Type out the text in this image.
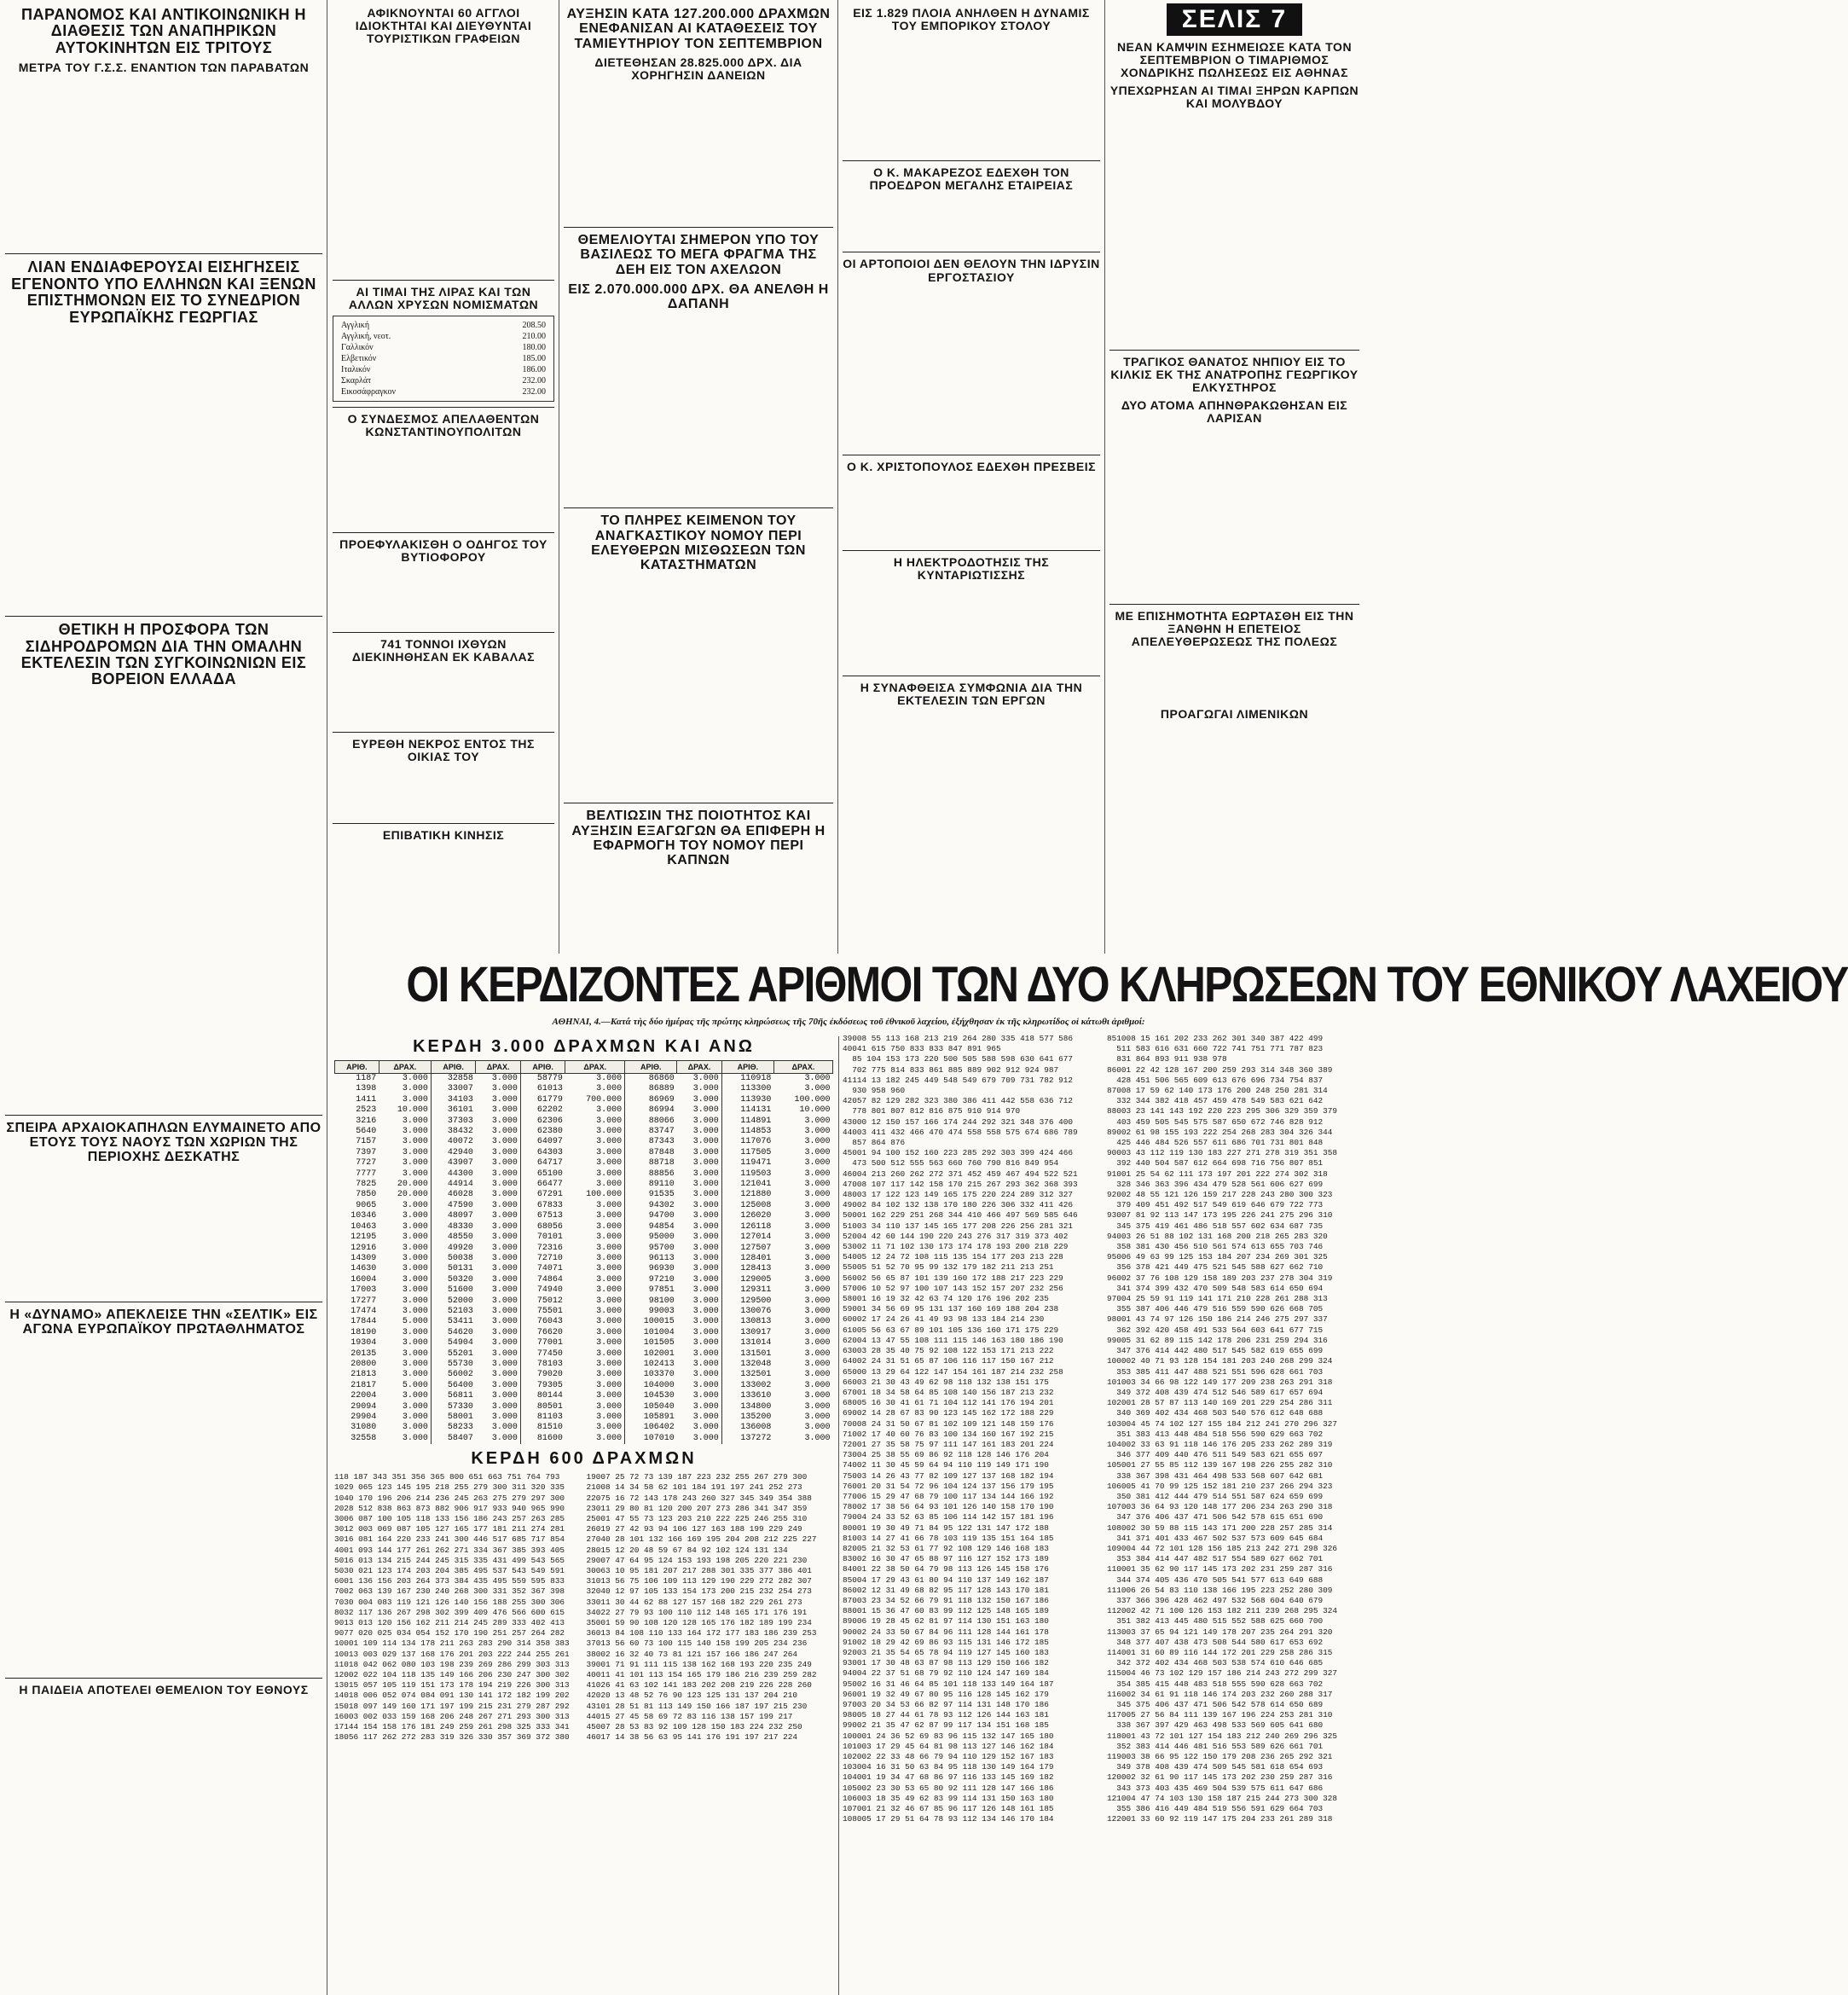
ΠΑΡΑΝΟΜΟΣ ΚΑΙ ΑΝΤΙΚΟΙΝΩΝΙΚΗ Η ΔΙΑΘΕΣΙΣ ΤΩΝ ΑΝΑΠΗΡΙΚΩΝ ΑΥΤΟΚΙΝΗΤΩΝ ΕΙΣ ΤΡΙΤΟΥΣ
ΜΕΤΡΑ ΤΟΥ Γ.Σ.Σ. ΕΝΑΝΤΙΟΝ ΤΩΝ ΠΑΡΑΒΑΤΩΝ

ΛΙΑΝ ΕΝΔΙΑΦΕΡΟΥΣΑΙ ΕΙΣΗΓΗΣΕΙΣ ΕΓΕΝΟΝΤΟ ΥΠΟ ΕΛΛΗΝΩΝ ΚΑΙ ΞΕΝΩΝ ΕΠΙΣΤΗΜΟΝΩΝ ΕΙΣ ΤΟ ΣΥΝΕΔΡΙΟΝ ΕΥΡΩΠΑΪΚΗΣ ΓΕΩΡΓΙΑΣ

ΘΕΤΙΚΗ Η ΠΡΟΣΦΟΡΑ ΤΩΝ ΣΙΔΗΡΟΔΡΟΜΩΝ ΔΙΑ ΤΗΝ ΟΜΑΛΗΝ ΕΚΤΕΛΕΣΙΝ ΤΩΝ ΣΥΓΚΟΙΝΩΝΙΩΝ ΕΙΣ ΒΟΡΕΙΟΝ ΕΛΛΑΔΑ

ΣΠΕΙΡΑ ΑΡΧΑΙΟΚΑΠΗΛΩΝ ΕΛΥΜΑΙΝΕΤΟ ΑΠΟ ΕΤΟΥΣ ΤΟΥΣ ΝΑΟΥΣ ΤΩΝ ΧΩΡΙΩΝ ΤΗΣ ΠΕΡΙΟΧΗΣ ΔΕΣΚΑΤΗΣ

Η «ΔΥΝΑΜΟ» ΑΠΕΚΛΕΙΣΕ ΤΗΝ «ΣΕΛΤΙΚ» ΕΙΣ ΑΓΩΝΑ ΕΥΡΩΠΑΪΚΟΥ ΠΡΩΤΑΘΛΗΜΑΤΟΣ

Η ΠΑΙΔΕΙΑ ΑΠΟΤΕΛΕΙ ΘΕΜΕΛΙΟΝ ΤΟΥ ΕΘΝΟΥΣ

ΑΦΙΚΝΟΥΝΤΑΙ 60 ΑΓΓΛΟΙ ΙΔΙΟΚΤΗΤΑΙ ΚΑΙ ΔΙΕΥΘΥΝΤΑΙ ΤΟΥΡΙΣΤΙΚΩΝ ΓΡΑΦΕΙΩΝ

ΑΙ ΤΙΜΑΙ ΤΗΣ ΛΙΡΑΣ ΚΑΙ ΤΩΝ ΑΛΛΩΝ ΧΡΥΣΩΝ ΝΟΜΙΣΜΑΤΩΝ
Αγγλική	208.50
Αγγλική, νεοτ.	210.00
Γαλλικόν	180.00
Ελβετικόν	185.00
Ιταλικόν	186.00
Σκαρλάτ	232.00
Εικοσάφραγκον	232.00
Ο ΣΥΝΔΕΣΜΟΣ ΑΠΕΛΑΘΕΝΤΩΝ ΚΩΝΣΤΑΝΤΙΝΟΥΠΟΛΙΤΩΝ

ΠΡΟΕΦΥΛΑΚΙΣΘΗ Ο ΟΔΗΓΟΣ ΤΟΥ ΒΥΤΙΟΦΟΡΟΥ

741 ΤΟΝΝΟΙ ΙΧΘΥΩΝ ΔΙΕΚΙΝΗΘΗΣΑΝ ΕΚ ΚΑΒΑΛΑΣ

ΕΥΡΕΘΗ ΝΕΚΡΟΣ ΕΝΤΟΣ ΤΗΣ ΟΙΚΙΑΣ ΤΟΥ

ΕΠΙΒΑΤΙΚΗ ΚΙΝΗΣΙΣ

ΑΥΞΗΣΙΝ ΚΑΤΑ 127.200.000 ΔΡΑΧΜΩΝ ΕΝΕΦΑΝΙΣΑΝ ΑΙ ΚΑΤΑΘΕΣΕΙΣ ΤΟΥ ΤΑΜΙΕΥΤΗΡΙΟΥ ΤΟΝ ΣΕΠΤΕΜΒΡΙΟΝ
ΔΙΕΤΕΘΗΣΑΝ 28.825.000 ΔΡΧ. ΔΙΑ ΧΟΡΗΓΗΣΙΝ ΔΑΝΕΙΩΝ

ΘΕΜΕΛΙΟΥΤΑΙ ΣΗΜΕΡΟΝ ΥΠΟ ΤΟΥ ΒΑΣΙΛΕΩΣ ΤΟ ΜΕΓΑ ΦΡΑΓΜΑ ΤΗΣ ΔΕΗ ΕΙΣ ΤΟΝ ΑΧΕΛΩΟΝ
ΕΙΣ 2.070.000.000 ΔΡΧ. ΘΑ ΑΝΕΛΘΗ Η ΔΑΠΑΝΗ

ΤΟ ΠΛΗΡΕΣ ΚΕΙΜΕΝΟΝ ΤΟΥ ΑΝΑΓΚΑΣΤΙΚΟΥ ΝΟΜΟΥ ΠΕΡΙ ΕΛΕΥΘΕΡΩΝ ΜΙΣΘΩΣΕΩΝ ΤΩΝ ΚΑΤΑΣΤΗΜΑΤΩΝ

ΒΕΛΤΙΩΣΙΝ ΤΗΣ ΠΟΙΟΤΗΤΟΣ ΚΑΙ ΑΥΞΗΣΙΝ ΕΞΑΓΩΓΩΝ ΘΑ ΕΠΙΦΕΡΗ Η ΕΦΑΡΜΟΓΗ ΤΟΥ ΝΟΜΟΥ ΠΕΡΙ ΚΑΠΝΩΝ

ΕΙΣ 1.829 ΠΛΟΙΑ ΑΝΗΛΘΕΝ Η ΔΥΝΑΜΙΣ ΤΟΥ ΕΜΠΟΡΙΚΟΥ ΣΤΟΛΟΥ

Ο Κ. ΜΑΚΑΡΕΖΟΣ ΕΔΕΧΘΗ ΤΟΝ ΠΡΟΕΔΡΟΝ ΜΕΓΑΛΗΣ ΕΤΑΙΡΕΙΑΣ

ΟΙ ΑΡΤΟΠΟΙΟΙ ΔΕΝ ΘΕΛΟΥΝ ΤΗΝ ΙΔΡΥΣΙΝ ΕΡΓΟΣΤΑΣΙΟΥ

Ο Κ. ΧΡΙΣΤΟΠΟΥΛΟΣ ΕΔΕΧΘΗ ΠΡΕΣΒΕΙΣ

Η ΗΛΕΚΤΡΟΔΟΤΗΣΙΣ ΤΗΣ ΚΥΝΤΑΡΙΩΤΙΣΣΗΣ

Η ΣΥΝΑΦΘΕΙΣΑ ΣΥΜΦΩΝΙΑ ΔΙΑ ΤΗΝ ΕΚΤΕΛΕΣΙΝ ΤΩΝ ΕΡΓΩΝ

ΣΕΛΙΣ 7
ΝΕΑΝ ΚΑΜΨΙΝ ΕΣΗΜΕΙΩΣΕ ΚΑΤΑ ΤΟΝ ΣΕΠΤΕΜΒΡΙΟΝ Ο ΤΙΜΑΡΙΘΜΟΣ ΧΟΝΔΡΙΚΗΣ ΠΩΛΗΣΕΩΣ ΕΙΣ ΑΘΗΝΑΣ
ΥΠΕΧΩΡΗΣΑΝ ΑΙ ΤΙΜΑΙ ΞΗΡΩΝ ΚΑΡΠΩΝ ΚΑΙ ΜΟΛΥΒΔΟΥ

ΤΡΑΓΙΚΟΣ ΘΑΝΑΤΟΣ ΝΗΠΙΟΥ ΕΙΣ ΤΟ ΚΙΛΚΙΣ ΕΚ ΤΗΣ ΑΝΑΤΡΟΠΗΣ ΓΕΩΡΓΙΚΟΥ ΕΛΚΥΣΤΗΡΟΣ
ΔΥΟ ΑΤΟΜΑ ΑΠΗΝΘΡΑΚΩΘΗΣΑΝ ΕΙΣ ΛΑΡΙΣΑΝ

ΜΕ ΕΠΙΣΗΜΟΤΗΤΑ ΕΩΡΤΑΣΘΗ ΕΙΣ ΤΗΝ ΞΑΝΘΗΝ Η ΕΠΕΤΕΙΟΣ ΑΠΕΛΕΥΘΕΡΩΣΕΩΣ ΤΗΣ ΠΟΛΕΩΣ

ΠΡΟΑΓΩΓΑΙ ΛΙΜΕΝΙΚΩΝ

ΟΙ ΚΕΡΔΙΖΟΝΤΕΣ ΑΡΙΘΜΟΙ ΤΩΝ ΔΥΟ ΚΛΗΡΩΣΕΩΝ ΤΟΥ ΕΘΝΙΚΟΥ ΛΑΧΕΙΟΥ
ΑΘΗΝΑΙ, 4.—Κατά τὴς δύο ἡμέρας τῆς πρώτης κληρώσεως τῆς 70ῆς ἐκδόσεως τοῦ ἐθνικοῦ λαχείου, ἐξήχθησαν ἐκ τῆς κληρωτίδος οἱ κάτωθι ἀριθμοί:
ΚΕΡΔΗ 3.000 ΔΡΑΧΜΩΝ ΚΑΙ ΑΝΩ
ΑΡΙΘ.	ΔΡΑΧ.	ΑΡΙΘ.	ΔΡΑΧ.	ΑΡΙΘ.	ΔΡΑΧ.	ΑΡΙΘ.	ΔΡΑΧ.	ΑΡΙΘ.	ΔΡΑΧ.
1187	3.000	32858	3.000	58779	3.000	86860	3.000	110918	3.000
1398	3.000	33007	3.000	61013	3.000	86889	3.000	113300	3.000
1411	3.000	34103	3.000	61779	700.000	86969	3.000	113930	100.000
2523	10.000	36101	3.000	62202	3.000	86994	3.000	114131	10.000
3216	3.000	37303	3.000	62306	3.000	88066	3.000	114891	3.000
5640	3.000	38432	3.000	62380	3.000	83747	3.000	114853	3.000
7157	3.000	40072	3.000	64097	3.000	87343	3.000	117076	3.000
7397	3.000	42940	3.000	64303	3.000	87848	3.000	117505	3.000
7727	3.000	43907	3.000	64717	3.000	88718	3.000	119471	3.000
7777	3.000	44300	3.000	65100	3.000	88856	3.000	119503	3.000
7825	20.000	44914	3.000	66477	3.000	89110	3.000	121041	3.000
7850	20.000	46028	3.000	67291	100.000	91535	3.000	121880	3.000
9065	3.000	47590	3.000	67833	3.000	94302	3.000	125008	3.000
10346	3.000	48097	3.000	67513	3.000	94700	3.000	126020	3.000
10463	3.000	48330	3.000	68056	3.000	94854	3.000	126118	3.000
12195	3.000	48550	3.000	70101	3.000	95000	3.000	127014	3.000
12916	3.000	49920	3.000	72316	3.000	95700	3.000	127507	3.000
14309	3.000	50038	3.000	72710	3.000	96113	3.000	128401	3.000
14630	3.000	50131	3.000	74071	3.000	96930	3.000	128413	3.000
16004	3.000	50320	3.000	74864	3.000	97210	3.000	129005	3.000
17003	3.000	51600	3.000	74940	3.000	97851	3.000	129311	3.000
17277	3.000	52000	3.000	75012	3.000	98100	3.000	129500	3.000
17474	3.000	52103	3.000	75501	3.000	99003	3.000	130076	3.000
17844	5.000	53411	3.000	76043	3.000	100015	3.000	130813	3.000
18190	3.000	54620	3.000	76620	3.000	101004	3.000	130917	3.000
19304	3.000	54904	3.000	77001	3.000	101505	3.000	131014	3.000
20135	3.000	55201	3.000	77450	3.000	102001	3.000	131501	3.000
20800	3.000	55730	3.000	78103	3.000	102413	3.000	132048	3.000
21813	3.000	56002	3.000	79020	3.000	103370	3.000	132501	3.000
21817	5.000	56400	3.000	79305	3.000	104000	3.000	133002	3.000
22004	3.000	56811	3.000	80144	3.000	104530	3.000	133610	3.000
29094	3.000	57330	3.000	80501	3.000	105040	3.000	134800	3.000
29904	3.000	58001	3.000	81103	3.000	105891	3.000	135200	3.000
31080	3.000	58233	3.000	81510	3.000	106402	3.000	136008	3.000
32558	3.000	58407	3.000	81600	3.000	107010	3.000	137272	3.000
ΚΕΡΔΗ 600 ΔΡΑΧΜΩΝ
118 187 343 351 356 365 800 651 663 751 764 793
1029 065 123 145 195 218 255 279 300 311 320 335
1040 170 196 206 214 236 245 263 275 279 297 300
2028 512 838 863 873 882 906 917 933 940 965 990
3006 087 100 105 118 133 156 186 243 257 263 285
3012 003 069 087 105 127 165 177 181 211 274 281
3016 081 164 220 233 241 300 446 517 685 717 854
4001 093 144 177 261 262 271 334 367 385 393 405
5016 013 134 215 244 245 315 335 431 499 543 565
5030 021 123 174 203 204 385 495 537 543 549 591
6001 136 156 203 264 373 384 435 495 559 595 833
7002 063 139 167 230 240 268 300 331 352 367 398
7030 004 083 119 121 126 140 156 188 255 300 306
8032 117 136 267 298 302 399 409 476 566 600 615
9013 013 120 156 162 211 214 245 289 333 402 413
9077 020 025 034 054 152 170 190 251 257 264 282
10001 109 114 134 178 211 263 283 290 314 358 383
10013 003 029 137 168 176 201 203 222 244 255 261
11018 042 062 080 103 198 239 269 286 299 303 313
12002 022 104 118 135 149 166 206 230 247 300 302
13015 057 105 119 151 173 178 194 219 226 300 313
14018 006 052 074 084 091 130 141 172 182 199 202
15018 097 149 160 171 197 199 215 231 279 287 292
16003 002 033 159 168 206 248 267 271 293 300 313
17144 154 158 176 181 249 259 261 298 325 333 341
18056 117 262 272 283 319 326 330 357 369 372 380
19007 25 72 73 139 187 223 232 255 267 279 300
21008 14 34 58 62 101 184 191 197 241 252 273
22075 16 72 143 178 243 260 327 345 349 354 388
23011 29 80 81 120 200 207 273 286 341 347 359
25001 47 55 73 123 203 210 222 225 246 255 310
26019 27 42 93 94 106 127 163 188 199 229 249
27040 28 101 132 166 169 195 204 208 212 225 227
28015 12 20 48 59 67 84 92 102 124 131 134
29007 47 64 95 124 153 193 198 205 220 221 230
30063 10 95 181 207 217 288 301 335 377 386 401
31013 56 75 106 109 113 129 190 229 272 282 307
32040 12 97 105 133 154 173 200 215 232 254 273
33011 30 44 62 88 127 157 168 182 229 261 273
34022 27 79 93 100 110 112 148 165 171 176 191
35001 59 90 108 120 128 165 176 182 189 199 234
36013 84 108 110 133 164 172 177 183 186 239 253
37013 56 60 73 100 115 140 158 199 205 234 236
38002 16 32 40 73 81 121 157 166 186 247 264
39001 71 91 111 115 138 162 168 193 220 235 249
40011 41 101 113 154 165 179 186 216 239 259 282
41026 41 63 102 141 183 202 208 219 226 228 260
42020 13 48 52 76 90 123 125 131 137 204 210
43101 28 51 81 113 149 150 166 187 197 215 230
44015 27 45 58 69 72 83 116 138 157 199 217
45007 28 53 83 92 109 128 150 183 224 232 250
46017 14 38 56 63 95 141 176 191 197 217 224
39008 55 113 168 213 219 264 280 335 418 577 586
40041 615 750 833 833 847 891 965
85 104 153 173 220 500 505 588 598 630 641 677
702 775 814 833 861 885 889 902 912 924 987
41114 13 182 245 449 548 549 679 709 731 782 912
930 958 960
42057 82 129 282 323 380 386 411 442 558 636 712
778 801 807 812 816 875 910 914 970
43000 12 150 157 166 174 244 292 321 348 376 400
44003 411 432 466 470 474 558 558 575 674 686 789
857 864 876
45001 94 100 152 160 223 285 292 303 399 424 466
473 500 512 555 563 660 760 790 816 849 954
46004 213 260 262 272 371 452 459 467 494 522 521
47008 107 117 142 158 170 215 267 293 362 368 393
48003 17 122 123 149 165 175 220 224 289 312 327
49002 84 102 132 138 170 180 226 306 332 411 426
50001 162 229 251 268 344 410 466 497 569 585 646
51003 34 110 137 145 165 177 208 226 256 281 321
52004 42 60 144 190 220 243 276 317 319 373 402
53002 11 71 102 130 173 174 178 193 200 218 229
54005 12 24 72 108 115 135 154 177 203 213 228
55005 51 52 70 95 99 132 179 182 211 213 251
56002 56 65 87 101 139 160 172 188 217 223 229
57006 10 52 97 100 107 143 152 157 207 232 256
58001 16 19 32 42 63 74 120 176 196 202 235
59001 34 56 69 95 131 137 160 169 188 204 238
60002 17 24 26 41 49 93 98 133 184 214 230
61005 56 63 67 89 101 105 136 160 171 175 229
62004 13 47 55 108 111 115 146 163 180 186 190
63003 28 35 40 75 92 108 122 153 171 213 222
64002 24 31 51 65 87 106 116 117 150 167 212
65000 13 29 64 122 147 154 161 187 214 232 258
66003 21 30 43 49 62 98 118 132 138 151 175
67001 18 34 58 64 85 108 140 156 187 213 232
68005 16 30 41 61 71 104 112 141 176 194 201
69002 14 28 67 83 90 123 145 162 172 188 229
70008 24 31 50 67 81 102 109 121 148 159 176
71002 17 40 60 76 83 100 134 160 167 192 215
72001 27 35 58 75 97 111 147 161 183 201 224
73004 25 38 55 69 86 92 118 128 146 176 204
74002 11 30 45 59 64 94 110 119 149 171 190
75003 14 26 43 77 82 109 127 137 168 182 194
76001 20 31 54 72 96 104 124 137 156 179 195
77006 15 29 47 68 79 100 117 134 144 166 192
78002 17 38 56 64 93 101 126 140 158 170 190
79004 24 33 52 63 85 106 114 142 157 181 196
80001 19 30 49 71 84 95 122 131 147 172 188
81003 14 27 41 66 78 103 119 135 151 164 185
82005 21 32 53 61 77 92 108 129 146 168 183
83002 16 30 47 65 88 97 116 127 152 173 189
84001 22 38 50 64 79 98 113 126 145 158 176
85004 17 29 43 61 80 94 110 137 149 162 187
86002 12 31 49 68 82 95 117 128 143 170 181
87003 23 34 52 66 79 91 118 132 150 167 186
88001 15 36 47 60 83 99 112 125 148 165 189
89006 19 28 45 62 81 97 114 130 151 163 180
90002 24 33 50 67 84 96 111 128 144 161 178
91002 18 29 42 69 86 93 115 131 146 172 185
92003 21 35 54 65 78 94 119 127 145 160 183
93001 17 30 48 63 87 98 113 129 150 166 182
94004 22 37 51 68 79 92 110 124 147 169 184
95002 16 31 46 64 85 101 118 133 149 164 187
96001 19 32 49 67 80 95 116 128 145 162 179
97003 20 34 53 66 82 97 114 131 148 170 186
98005 18 27 44 61 78 93 112 126 144 163 181
99002 21 35 47 62 87 99 117 134 151 168 185
100001 24 36 52 69 83 96 115 132 147 165 180
101003 17 29 45 64 81 98 113 127 146 162 184
102002 22 33 48 66 79 94 110 129 152 167 183
103004 16 31 50 63 84 95 118 130 149 164 179
104001 19 34 47 68 86 97 116 133 145 169 182
105002 23 30 53 65 80 92 111 128 147 166 186
106003 18 35 49 62 83 99 114 131 150 163 180
107001 21 32 46 67 85 96 117 126 148 161 185
108005 17 29 51 64 78 93 112 134 146 170 184
851008 15 161 202 233 262 301 340 387 422 499
511 583 616 631 660 722 741 751 771 787 823
831 864 893 911 938 978
86001 22 42 128 167 200 259 293 314 348 360 389
428 451 506 565 609 613 676 696 734 754 837
87008 17 59 62 140 173 176 200 248 250 281 314
332 344 382 418 457 459 478 549 583 621 642
88003 23 141 143 192 220 223 295 306 329 359 379
403 459 505 545 575 587 650 672 746 828 912
89002 61 98 155 193 222 254 268 283 304 326 344
425 446 484 526 557 611 686 701 731 801 848
90003 43 112 119 130 183 227 271 278 319 351 358
392 440 504 587 612 664 698 716 756 807 851
91001 25 54 62 111 173 197 201 222 274 302 318
328 346 363 396 434 479 528 561 606 627 699
92002 48 55 121 126 159 217 228 243 280 300 323
379 409 451 492 517 549 619 646 679 722 773
93007 81 92 113 147 173 195 226 241 275 296 310
345 375 419 461 486 518 557 602 634 687 735
94003 26 51 88 102 131 168 200 218 265 283 320
358 381 430 456 510 561 574 613 655 703 746
95006 49 63 99 125 153 184 207 234 269 301 325
356 378 421 449 475 521 545 588 627 662 710
96002 37 76 108 129 158 189 203 237 278 304 319
341 374 399 432 470 509 548 583 614 650 694
97004 25 59 91 119 141 171 210 228 261 288 313
355 387 406 446 479 516 559 590 626 668 705
98001 43 74 97 126 150 186 214 246 275 297 337
362 392 420 458 491 533 564 603 641 677 715
99005 31 62 89 115 142 178 206 231 259 294 316
347 376 414 442 480 517 545 582 619 655 699
100002 40 71 93 128 154 181 203 240 268 299 324
353 385 411 447 488 521 551 596 628 661 703
101003 34 66 98 122 149 177 209 238 263 291 318
349 372 408 439 474 512 546 589 617 657 694
102001 28 57 87 113 140 169 201 229 254 286 311
340 369 402 434 468 503 540 576 612 648 688
103004 45 74 102 127 155 184 212 241 270 296 327
351 383 413 448 484 518 556 590 629 663 702
104002 33 63 91 118 146 176 205 233 262 289 319
346 377 409 440 476 511 549 583 621 655 697
105001 27 55 85 112 139 167 198 226 255 282 310
338 367 398 431 464 498 533 568 607 642 681
106005 41 70 99 125 152 181 210 237 266 294 323
350 381 412 444 479 514 551 587 624 659 699
107003 36 64 93 120 148 177 206 234 263 290 318
347 376 406 437 471 506 542 578 615 651 690
108002 30 59 88 115 143 171 200 228 257 285 314
341 371 401 433 467 502 537 573 609 645 684
109004 44 72 101 128 156 185 213 242 271 298 326
353 384 414 447 482 517 554 589 627 662 701
110001 35 62 90 117 145 173 202 231 259 287 316
344 374 405 436 470 505 541 577 613 649 688
111006 26 54 83 110 138 166 195 223 252 280 309
337 366 396 428 462 497 532 568 604 640 679
112002 42 71 100 126 153 182 211 239 268 295 324
351 382 413 445 480 515 552 588 625 660 700
113003 37 65 94 121 149 178 207 235 264 291 320
348 377 407 438 473 508 544 580 617 653 692
114001 31 60 89 116 144 172 201 229 258 286 315
342 372 402 434 468 503 538 574 610 646 685
115004 46 73 102 129 157 186 214 243 272 299 327
354 385 415 448 483 518 555 590 628 663 702
116002 34 61 91 118 146 174 203 232 260 288 317
345 375 406 437 471 506 542 578 614 650 689
117005 27 56 84 111 139 167 196 224 253 281 310
338 367 397 429 463 498 533 569 605 641 680
118001 43 72 101 127 154 183 212 240 269 296 325
352 383 414 446 481 516 553 589 626 661 701
119003 38 66 95 122 150 179 208 236 265 292 321
349 378 408 439 474 509 545 581 618 654 693
120002 32 61 90 117 145 173 202 230 259 287 316
343 373 403 435 469 504 539 575 611 647 686
121004 47 74 103 130 158 187 215 244 273 300 328
355 386 416 449 484 519 556 591 629 664 703
122001 33 60 92 119 147 175 204 233 261 289 318
